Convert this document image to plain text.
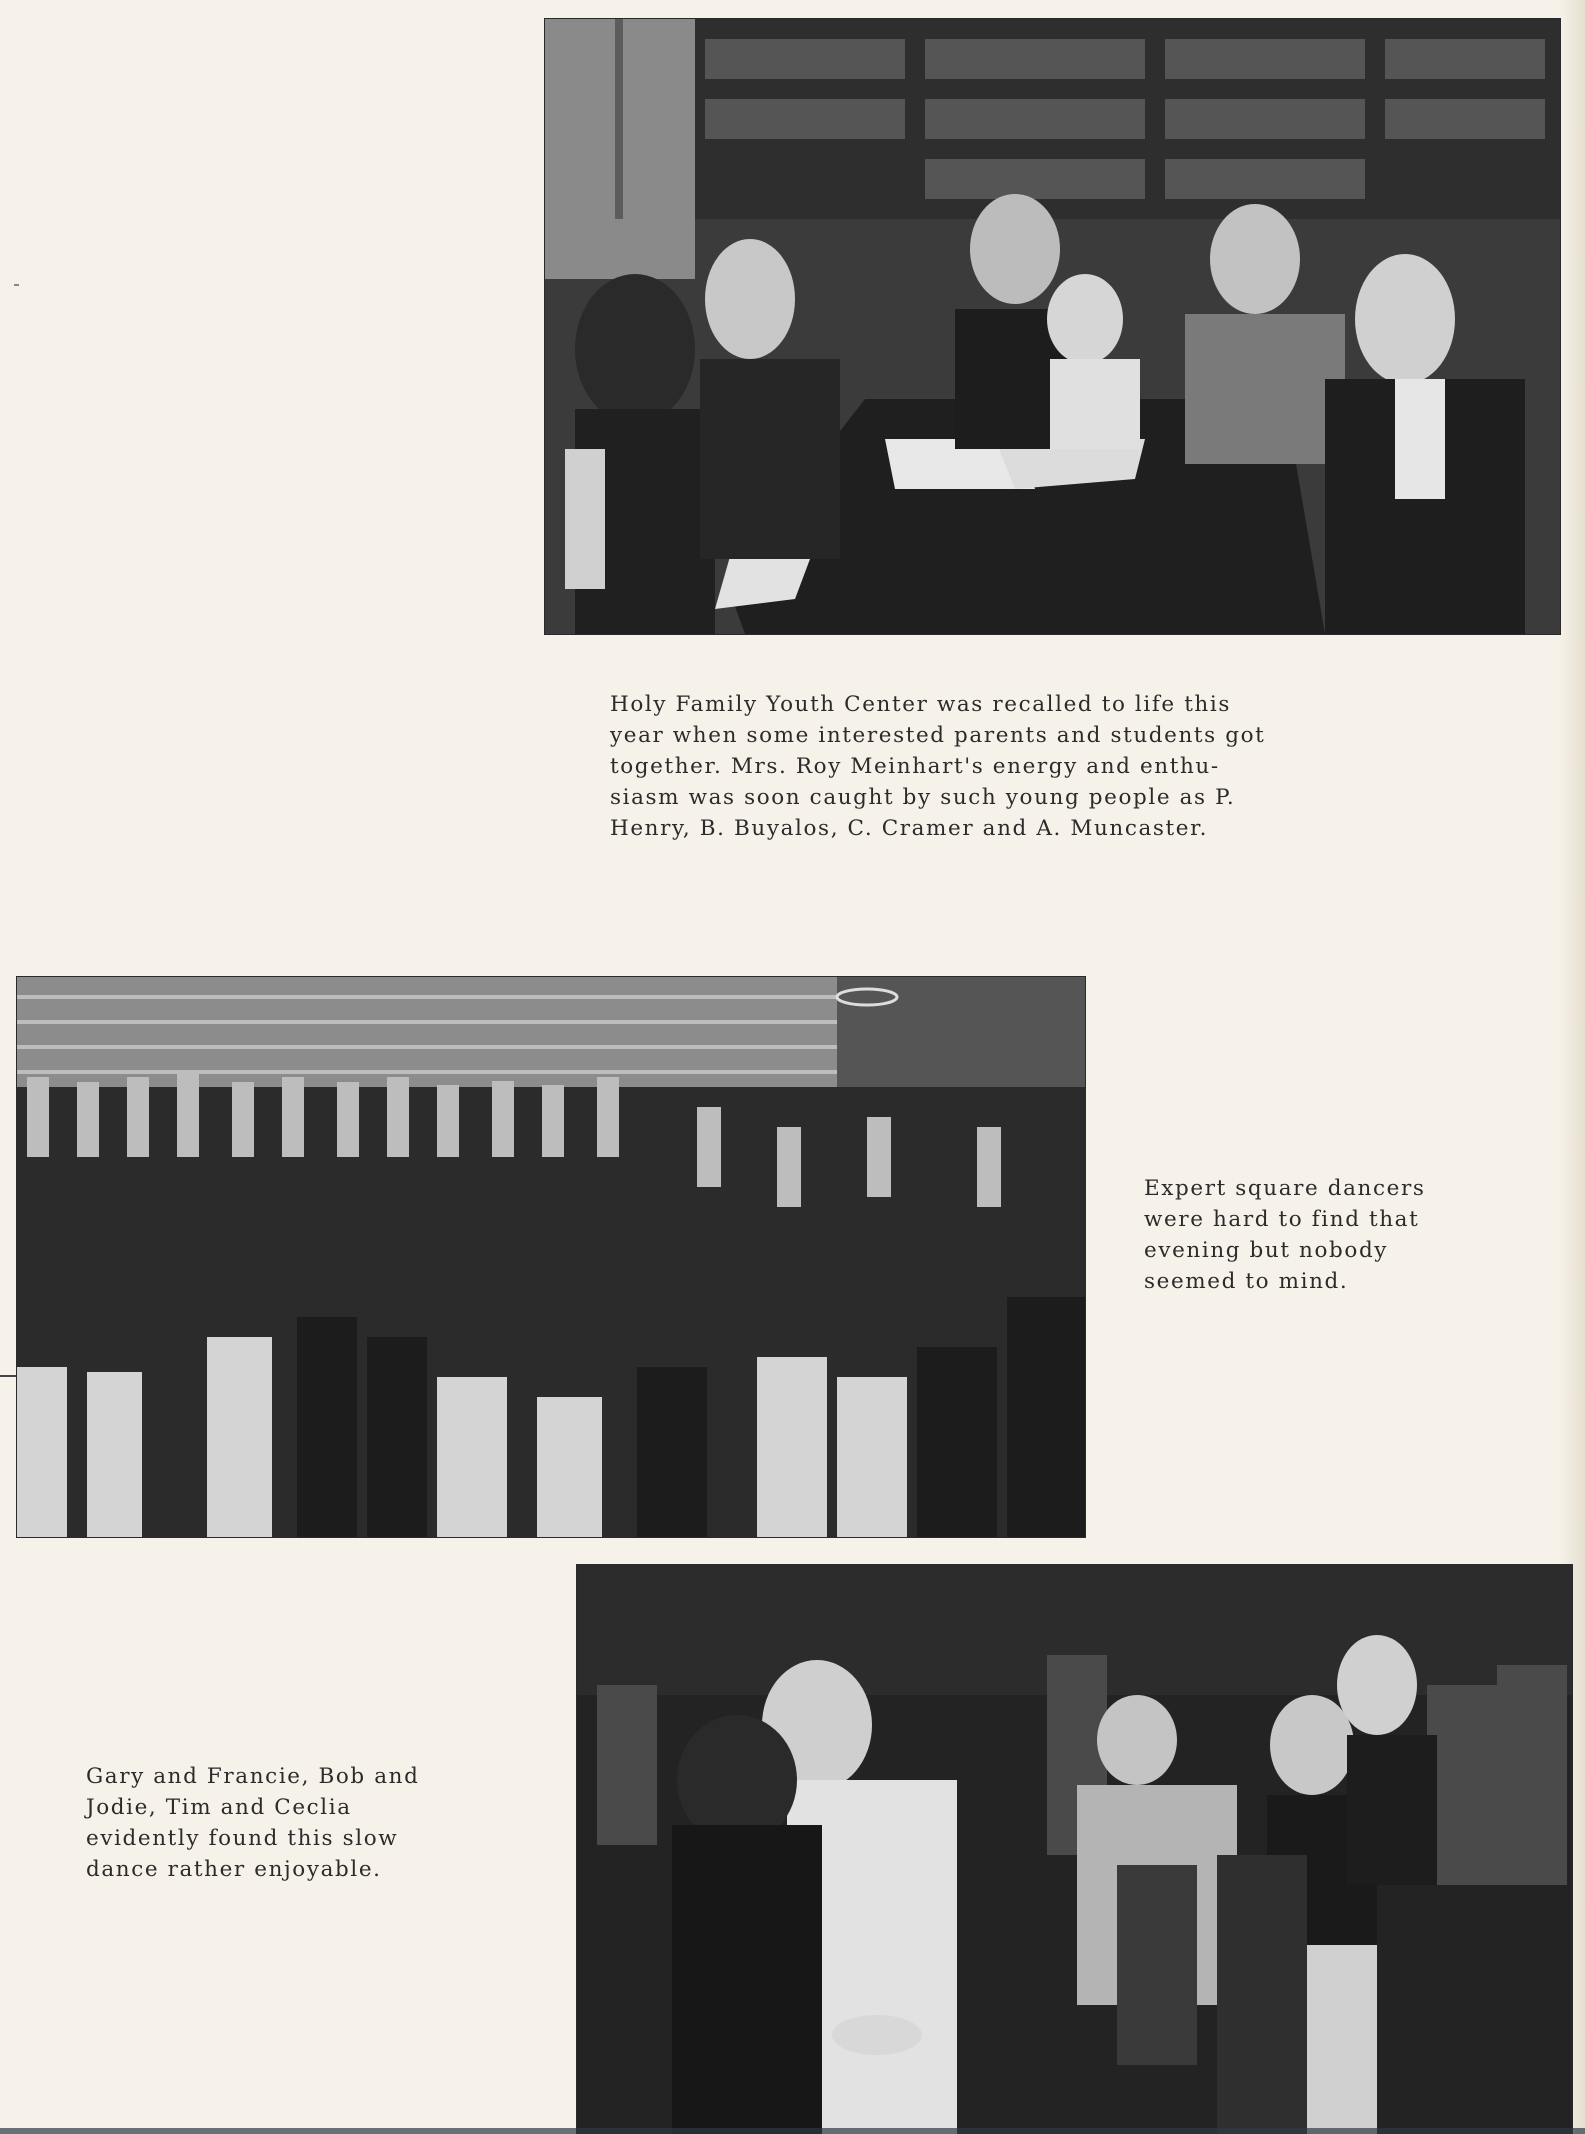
Holy Family Youth Center was recalled to life this
year when some interested parents and students got
together. Mrs. Roy Meinhart's energy and enthu-
siasm was soon caught by such young people as P.
Henry, B. Buyalos, C. Cramer and A. Muncaster.
Expert square dancers
were hard to find that
evening but nobody
seemed to mind.
Gary and Francie, Bob and
Jodie, Tim and Ceclia
evidently found this slow
dance rather enjoyable.
